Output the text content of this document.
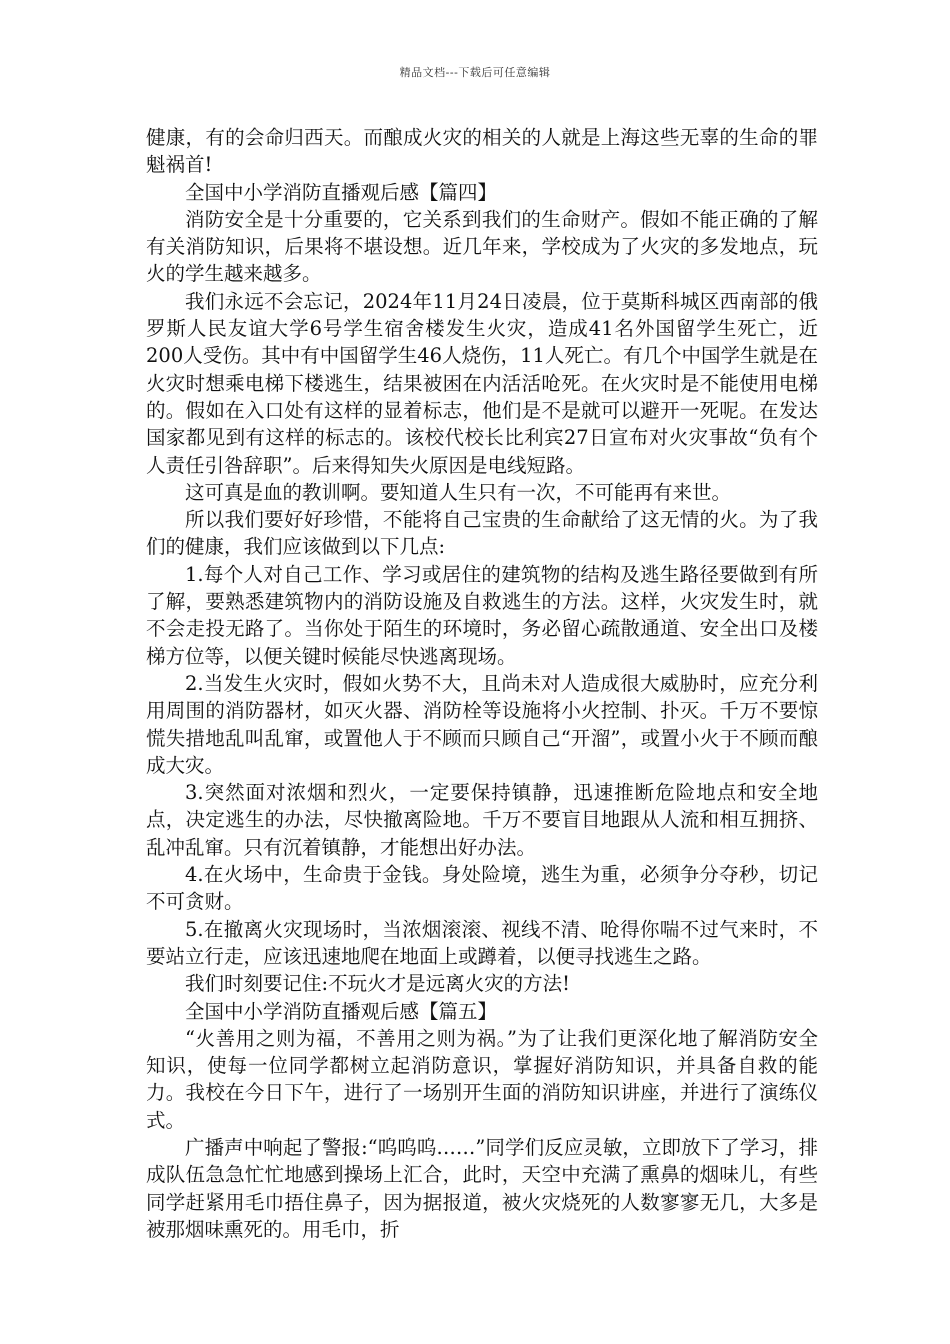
精品文档---下载后可任意编辑

健康，有的会命归西天。而酿成火灾的相关的人就是上海这些无辜的生命的罪魁祸首!

全国中小学消防直播观后感【篇四】

消防安全是十分重要的，它关系到我们的生命财产。假如不能正确的了解有关消防知识，后果将不堪设想。近几年来，学校成为了火灾的多发地点，玩火的学生越来越多。

我们永远不会忘记，2024年11月24日凌晨，位于莫斯科城区西南部的俄罗斯人民友谊大学6号学生宿舍楼发生火灾，造成41名外国留学生死亡，近200人受伤。其中有中国留学生46人烧伤，11人死亡。有几个中国学生就是在火灾时想乘电梯下楼逃生，结果被困在内活活呛死。在火灾时是不能使用电梯的。假如在入口处有这样的显着标志，他们是不是就可以避开一死呢。在发达国家都见到有这样的标志的。该校代校长比利宾27日宣布对火灾事故“负有个人责任引咎辞职”。后来得知失火原因是电线短路。

这可真是血的教训啊。要知道人生只有一次，不可能再有来世。

所以我们要好好珍惜，不能将自己宝贵的生命献给了这无情的火。为了我们的健康，我们应该做到以下几点:

1.每个人对自己工作、学习或居住的建筑物的结构及逃生路径要做到有所了解，要熟悉建筑物内的消防设施及自救逃生的方法。这样，火灾发生时，就不会走投无路了。当你处于陌生的环境时，务必留心疏散通道、安全出口及楼梯方位等，以便关键时候能尽快逃离现场。

2.当发生火灾时，假如火势不大，且尚未对人造成很大威胁时，应充分利用周围的消防器材，如灭火器、消防栓等设施将小火控制、扑灭。千万不要惊慌失措地乱叫乱窜，或置他人于不顾而只顾自己“开溜”，或置小火于不顾而酿成大灾。

3.突然面对浓烟和烈火，一定要保持镇静，迅速推断危险地点和安全地点，决定逃生的办法，尽快撤离险地。千万不要盲目地跟从人流和相互拥挤、乱冲乱窜。只有沉着镇静，才能想出好办法。

4.在火场中，生命贵于金钱。身处险境，逃生为重，必须争分夺秒，切记不可贪财。

5.在撤离火灾现场时，当浓烟滚滚、视线不清、呛得你喘不过气来时，不要站立行走，应该迅速地爬在地面上或蹲着，以便寻找逃生之路。

我们时刻要记住:不玩火才是远离火灾的方法!

全国中小学消防直播观后感【篇五】

“火善用之则为福，不善用之则为祸。”为了让我们更深化地了解消防安全知识，使每一位同学都树立起消防意识，掌握好消防知识，并具备自救的能力。我校在今日下午，进行了一场别开生面的消防知识讲座，并进行了演练仪式。

广播声中响起了警报:“呜呜呜……”同学们反应灵敏，立即放下了学习，排成队伍急急忙忙地感到操场上汇合，此时，天空中充满了熏鼻的烟味儿，有些同学赶紧用毛巾捂住鼻子，因为据报道，被火灾烧死的人数寥寥无几，大多是被那烟味熏死的。用毛巾，折
